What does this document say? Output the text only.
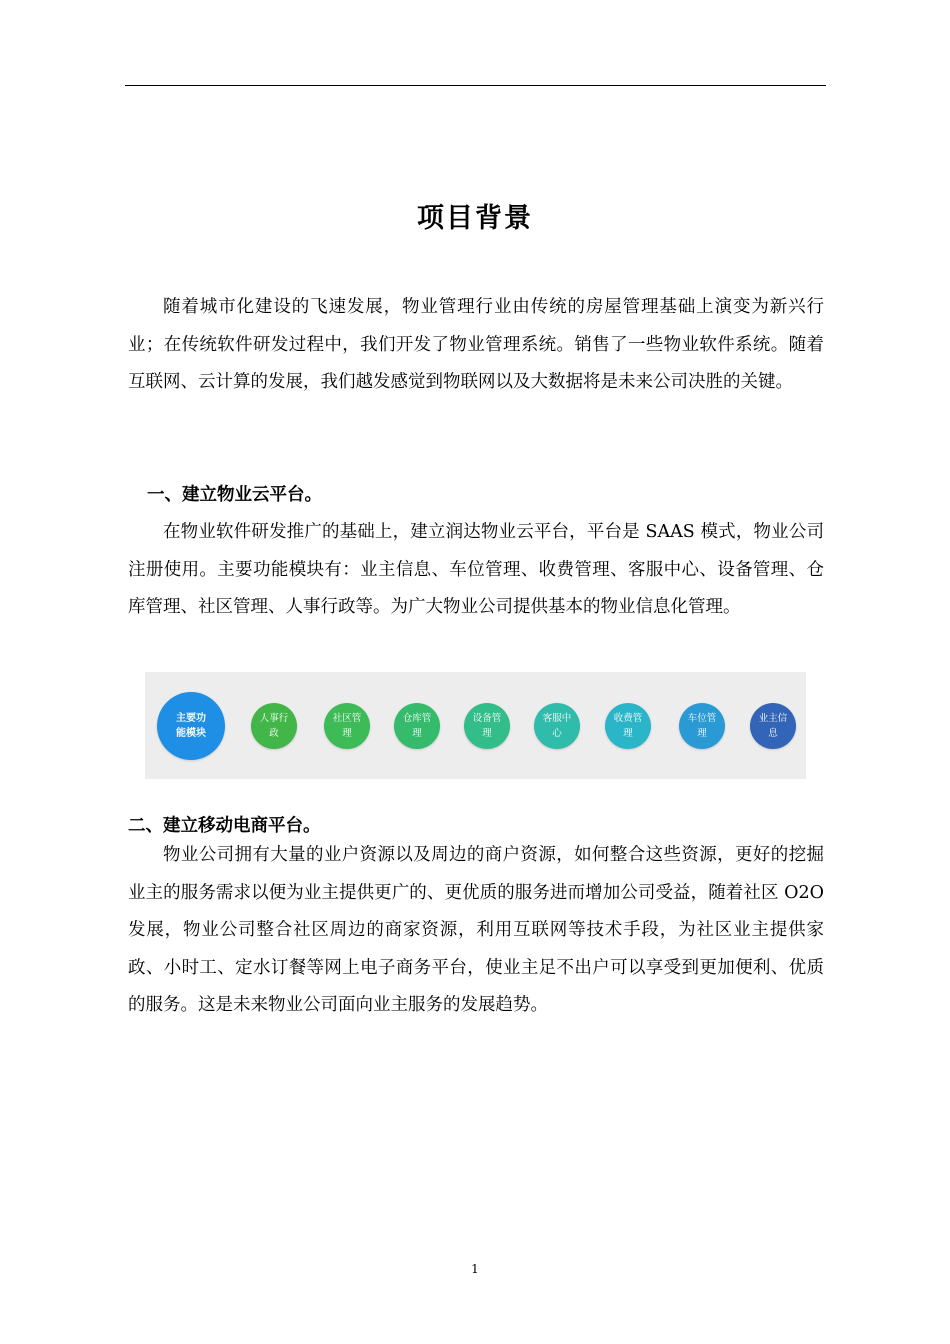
项目背景

随着城市化建设的飞速发展，物业管理行业由传统的房屋管理基础上演变为新兴行业；在传统软件研发过程中，我们开发了物业管理系统。销售了一些物业软件系统。随着互联网、云计算的发展，我们越发感觉到物联网以及大数据将是未来公司决胜的关键。

一、建立物业云平台。

在物业软件研发推广的基础上，建立润达物业云平台，平台是 SAAS 模式，物业公司注册使用。主要功能模块有：业主信息、车位管理、收费管理、客服中心、设备管理、仓库管理、社区管理、人事行政等。为广大物业公司提供基本的物业信息化管理。

主要功能模块
人事行政
社区管理
仓库管理
设备管理
客服中心
收费管理
车位管理
业主信息
二、建立移动电商平台。

物业公司拥有大量的业户资源以及周边的商户资源，如何整合这些资源，更好的挖掘业主的服务需求以便为业主提供更广的、更优质的服务进而增加公司受益，随着社区 O2O 发展，物业公司整合社区周边的商家资源，利用互联网等技术手段，为社区业主提供家政、小时工、定水订餐等网上电子商务平台，使业主足不出户可以享受到更加便利、优质的服务。这是未来物业公司面向业主服务的发展趋势。

1
